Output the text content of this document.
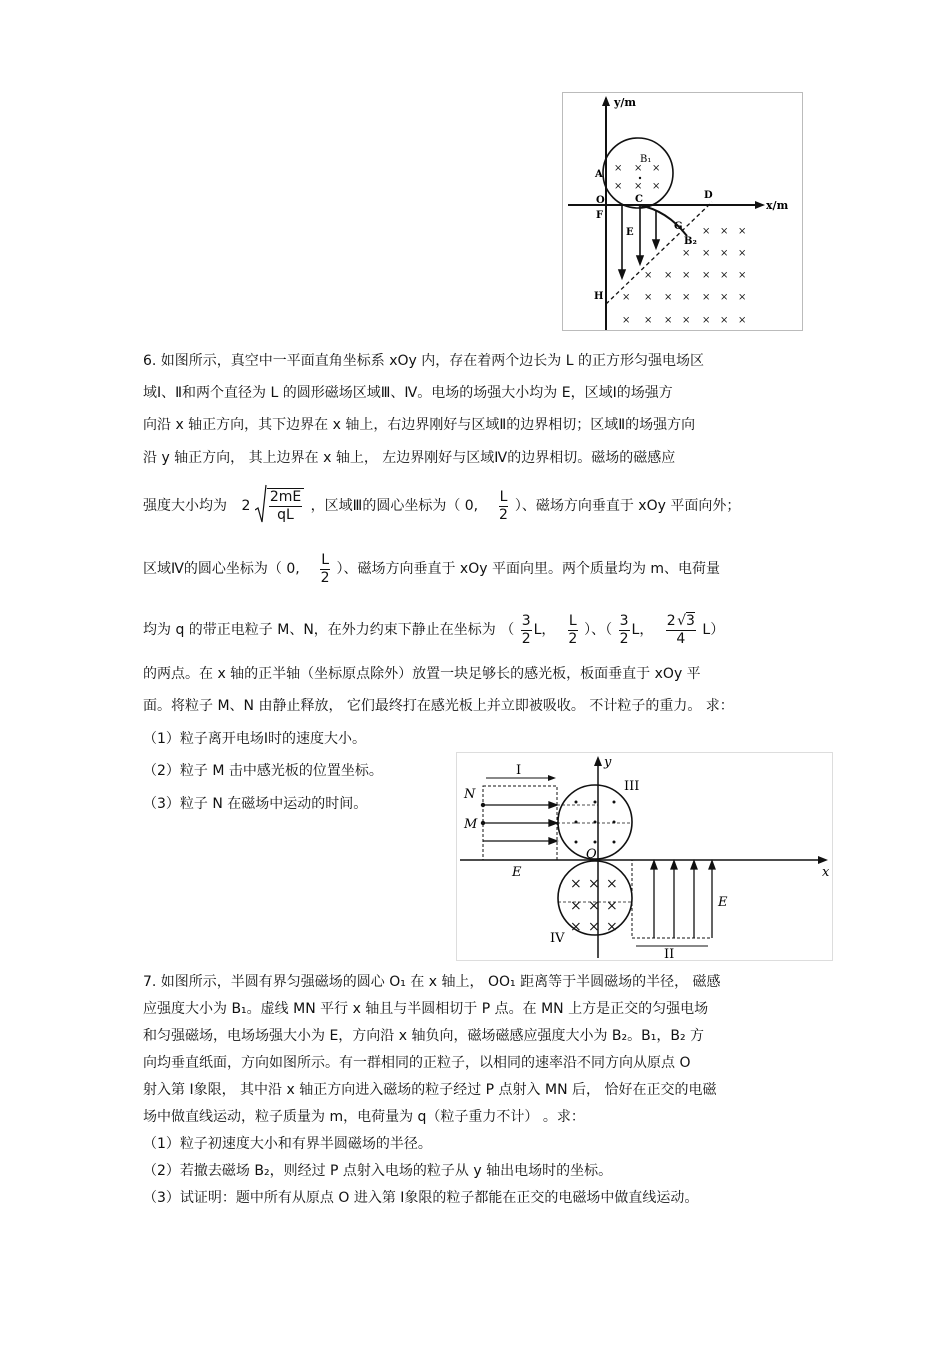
y/m
x/m
B₁
× × ×
× × ×
A
O
F
C	D
G
B₂
E
H
× × ×
× × × ×
× × × × × ×
× × × × × × ×
× × × × × × ×
6. 如图所示，真空中一平面直角坐标系 xOy 内，存在着两个边长为 L 的正方形匀强电场区
域Ⅰ、Ⅱ和两个直径为 L 的圆形磁场区域Ⅲ、Ⅳ。电场的场强大小均为 E，区域Ⅰ的场强方
向沿 x 轴正方向，其下边界在 x 轴上，右边界刚好与区域Ⅱ的边界相切；区域Ⅱ的场强方向
沿 y 轴正方向， 其上边界在 x 轴上， 左边界刚好与区域Ⅳ的边界相切。磁场的磁感应
强度大小均为 $2 \frac{2mE}{qL}$ ，区域Ⅲ的圆心坐标为（ 0, $\frac{L}{2}$ ）、磁场方向垂直于 xOy 平面向外；
区域Ⅳ的圆心坐标为（ 0, $\frac{L}{2}$ ）、磁场方向垂直于 xOy 平面向里。两个质量均为 m、电荷量
均为 q 的带正电粒子 M、N，在外力约束下静止在坐标为 （ $\frac{3}{2}$ L， $\frac{L}{2}$ ）、（ $\frac{3}{2}$ L， $\frac{2 √3}{4} L$）
的两点。在 x 轴的正半轴（坐标原点除外）放置一块足够长的感光板，板面垂直于 xOy 平
面。将粒子 M、N 由静止释放， 它们最终打在感光板上并立即被吸收。 不计粒子的重力。 求：
（1）粒子离开电场Ⅰ时的速度大小。
（2）粒子 M 击中感光板的位置坐标。
（3）粒子 N 在磁场中运动的时间。
x
y
I
N
M
E
III
O
IV
× × ×
× × ×
× × ×
E
II
7. 如图所示，半圆有界匀强磁场的圆心 O₁ 在 x 轴上， OO₁ 距离等于半圆磁场的半径， 磁感
应强度大小为 B₁。虚线 MN 平行 x 轴且与半圆相切于 P 点。在 MN 上方是正交的匀强电场
和匀强磁场，电场场强大小为 E，方向沿 x 轴负向，磁场磁感应强度大小为 B₂。B₁，B₂ 方
向均垂直纸面，方向如图所示。有一群相同的正粒子，以相同的速率沿不同方向从原点 O
射入第 Ⅰ象限， 其中沿 x 轴正方向进入磁场的粒子经过 P 点射入 MN 后， 恰好在正交的电磁
场中做直线运动，粒子质量为 m，电荷量为 q（粒子重力不计） 。求：
（1）粒子初速度大小和有界半圆磁场的半径。
（2）若撤去磁场 B₂，则经过 P 点射入电场的粒子从 y 轴出电场时的坐标。
（3）试证明：题中所有从原点 O 进入第 Ⅰ象限的粒子都能在正交的电磁场中做直线运动。
